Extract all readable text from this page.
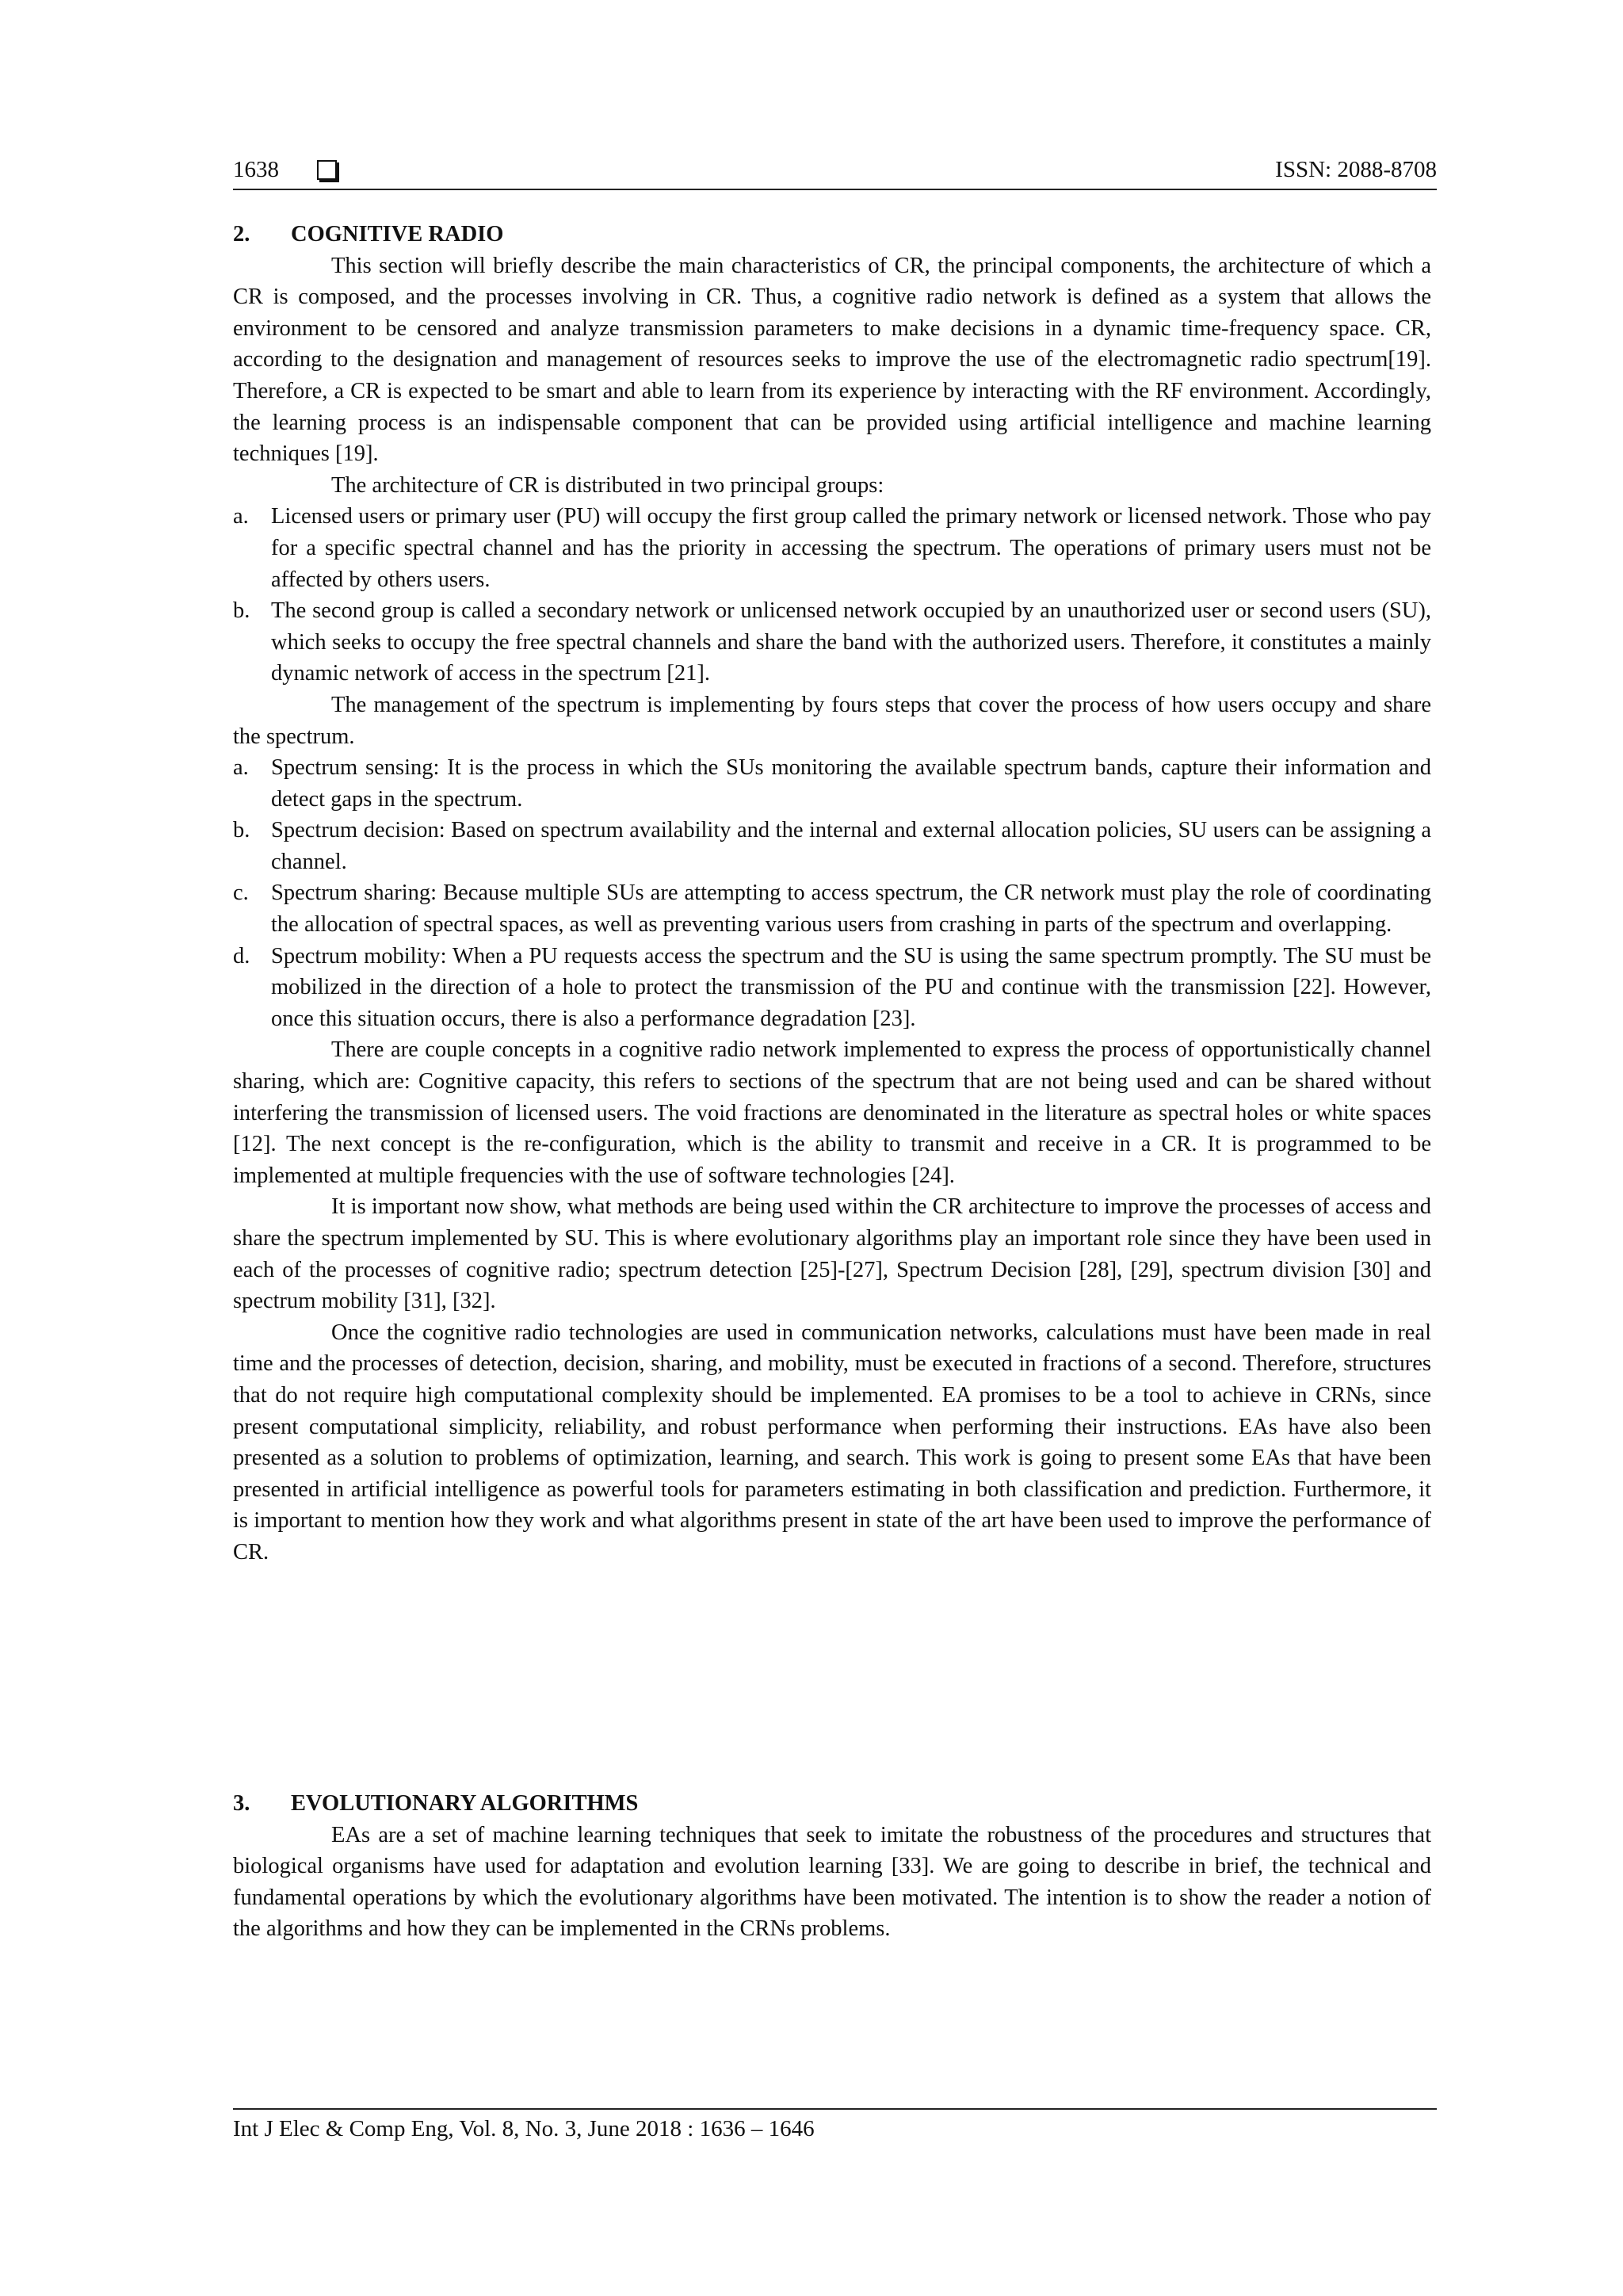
1638	ISSN: 2088-8708
2. COGNITIVE RADIO

This section will briefly describe the main characteristics of CR, the principal components, the architecture of which a CR is composed, and the processes involving in CR. Thus, a cognitive radio network is defined as a system that allows the environment to be censored and analyze transmission parameters to make decisions in a dynamic time-frequency space. CR, according to the designation and management of resources seeks to improve the use of the electromagnetic radio spectrum[19]. Therefore, a CR is expected to be smart and able to learn from its experience by interacting with the RF environment. Accordingly, the learning process is an indispensable component that can be provided using artificial intelligence and machine learning techniques [19].

The architecture of CR is distributed in two principal groups:

a. Licensed users or primary user (PU) will occupy the first group called the primary network or licensed network. Those who pay for a specific spectral channel and has the priority in accessing the spectrum. The operations of primary users must not be affected by others users.
b. The second group is called a secondary network or unlicensed network occupied by an unauthorized user or second users (SU), which seeks to occupy the free spectral channels and share the band with the authorized users. Therefore, it constitutes a mainly dynamic network of access in the spectrum [21].

The management of the spectrum is implementing by fours steps that cover the process of how users occupy and share the spectrum.

a. Spectrum sensing: It is the process in which the SUs monitoring the available spectrum bands, capture their information and detect gaps in the spectrum.
b. Spectrum decision: Based on spectrum availability and the internal and external allocation policies, SU users can be assigning a channel.
c. Spectrum sharing: Because multiple SUs are attempting to access spectrum, the CR network must play the role of coordinating the allocation of spectral spaces, as well as preventing various users from crashing in parts of the spectrum and overlapping.
d. Spectrum mobility: When a PU requests access the spectrum and the SU is using the same spectrum promptly. The SU must be mobilized in the direction of a hole to protect the transmission of the PU and continue with the transmission [22]. However, once this situation occurs, there is also a performance degradation [23].

There are couple concepts in a cognitive radio network implemented to express the process of opportunistically channel sharing, which are: Cognitive capacity, this refers to sections of the spectrum that are not being used and can be shared without interfering the transmission of licensed users. The void fractions are denominated in the literature as spectral holes or white spaces [12]. The next concept is the re-configuration, which is the ability to transmit and receive in a CR. It is programmed to be implemented at multiple frequencies with the use of software technologies [24].

It is important now show, what methods are being used within the CR architecture to improve the processes of access and share the spectrum implemented by SU. This is where evolutionary algorithms play an important role since they have been used in each of the processes of cognitive radio; spectrum detection [25]-[27], Spectrum Decision [28], [29], spectrum division [30] and spectrum mobility [31], [32].

Once the cognitive radio technologies are used in communication networks, calculations must have been made in real time and the processes of detection, decision, sharing, and mobility, must be executed in fractions of a second. Therefore, structures that do not require high computational complexity should be implemented. EA promises to be a tool to achieve in CRNs, since present computational simplicity, reliability, and robust performance when performing their instructions. EAs have also been presented as a solution to problems of optimization, learning, and search. This work is going to present some EAs that have been presented in artificial intelligence as powerful tools for parameters estimating in both classification and prediction. Furthermore, it is important to mention how they work and what algorithms present in state of the art have been used to improve the performance of CR.

3. EVOLUTIONARY ALGORITHMS

EAs are a set of machine learning techniques that seek to imitate the robustness of the procedures and structures that biological organisms have used for adaptation and evolution learning [33]. We are going to describe in brief, the technical and fundamental operations by which the evolutionary algorithms have been motivated. The intention is to show the reader a notion of the algorithms and how they can be implemented in the CRNs problems.

Int J Elec & Comp Eng, Vol. 8, No. 3, June 2018 : 1636 – 1646
